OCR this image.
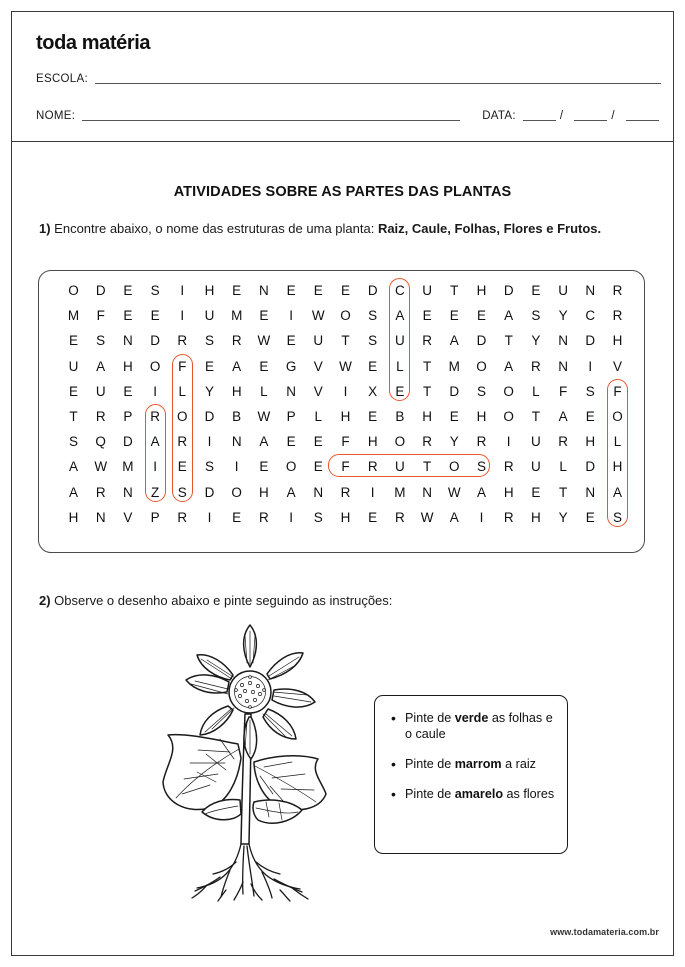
toda matéria
ESCOLA:
NOME:	DATA:	/	/
ATIVIDADES SOBRE AS PARTES DAS PLANTAS
1) Encontre abaixo, o nome das estruturas de uma planta: Raiz, Caule, Folhas, Flores e Frutos.
O	D	E	S	I	H	E	N	E	E	E	D	C	U	T	H	D	E	U	N	R
M	F	E	E	I	U	M	E	I	W	O	S	A	E	E	E	A	S	Y	C	R
E	S	N	D	R	S	R	W	E	U	T	S	U	R	A	D	T	Y	N	D	H
U	A	H	O	F	E	A	E	G	V	W	E	L	T	M	O	A	R	N	I	V
E	U	E	I	L	Y	H	L	N	V	I	X	E	T	D	S	O	L	F	S	F
T	R	P	R	O	D	B	W	P	L	H	E	B	H	E	H	O	T	A	E	O
S	Q	D	A	R	I	N	A	E	E	F	H	O	R	Y	R	I	U	R	H	L
A	W	M	I	E	S	I	E	O	E	F	R	U	T	O	S	R	U	L	D	H
A	R	N	Z	S	D	O	H	A	N	R	I	M	N	W	A	H	E	T	N	A
H	N	V	P	R	I	E	R	I	S	H	E	R	W	A	I	R	H	Y	E	S
2) Observe o desenho abaixo e pinte seguindo as instruções:
• Pinte de verde as folhas e o caule
• Pinte de marrom a raiz
• Pinte de amarelo as flores
www.todamateria.com.br
